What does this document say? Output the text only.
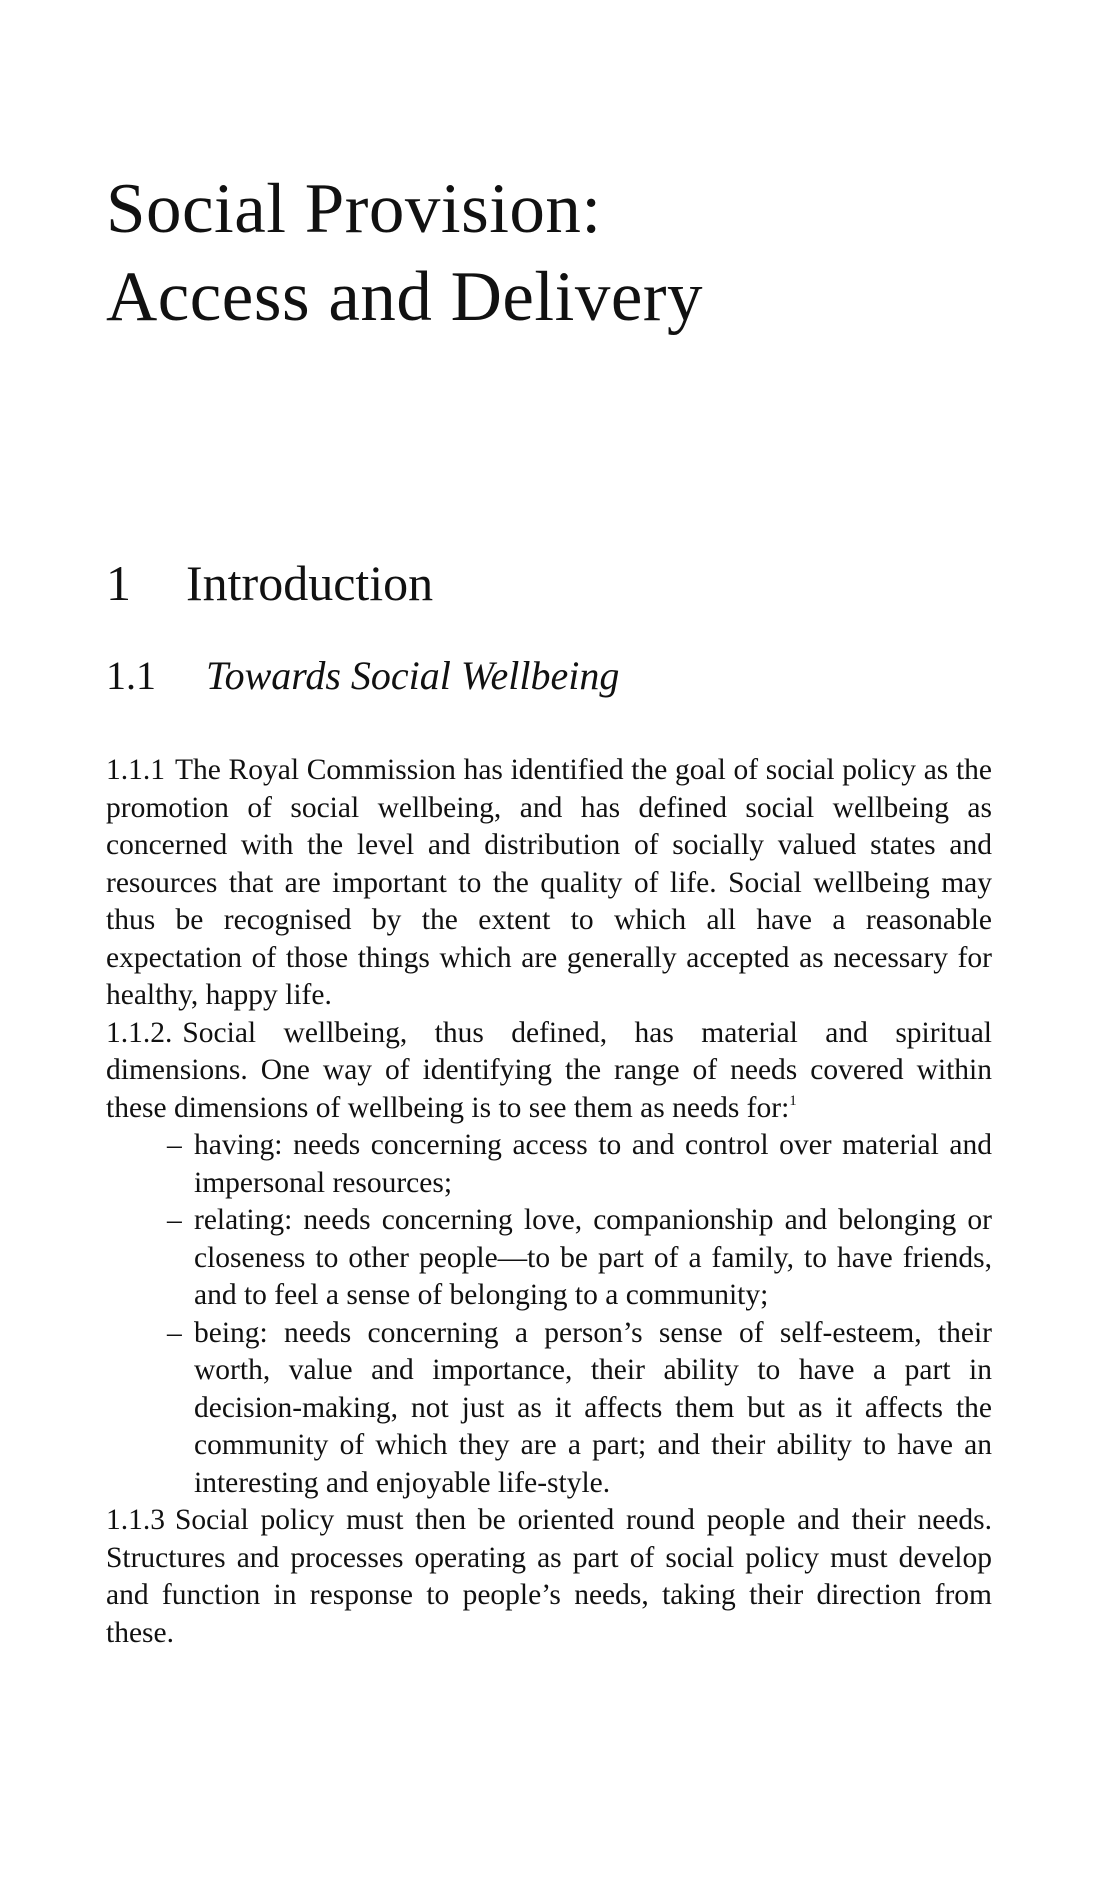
Social Provision:
Access and Delivery
1 Introduction
1.1 Towards Social Wellbeing

1.1.1 The Royal Commission has identified the goal of social policy as the promotion of social wellbeing, and has defined social wellbeing as concerned with the level and distribution of socially valued states and resources that are important to the quality of life. Social wellbeing may thus be recognised by the extent to which all have a reasonable expectation of those things which are generally accepted as necessary for healthy, happy life.

1.1.2. Social wellbeing, thus defined, has material and spiritual dimensions. One way of identifying the range of needs covered within these dimensions of wellbeing is to see them as needs for:$^1$

– having: needs concerning access to and control over material and impersonal resources;
– relating: needs concerning love, companionship and belonging or closeness to other people—to be part of a family, to have friends, and to feel a sense of belonging to a community;
– being: needs concerning a person’s sense of self-esteem, their worth, value and importance, their ability to have a part in decision-making, not just as it affects them but as it affects the community of which they are a part; and their ability to have an interesting and enjoyable life-style.

1.1.3 Social policy must then be oriented round people and their needs. Structures and processes operating as part of social policy must develop and function in response to people’s needs, taking their direction from these.
